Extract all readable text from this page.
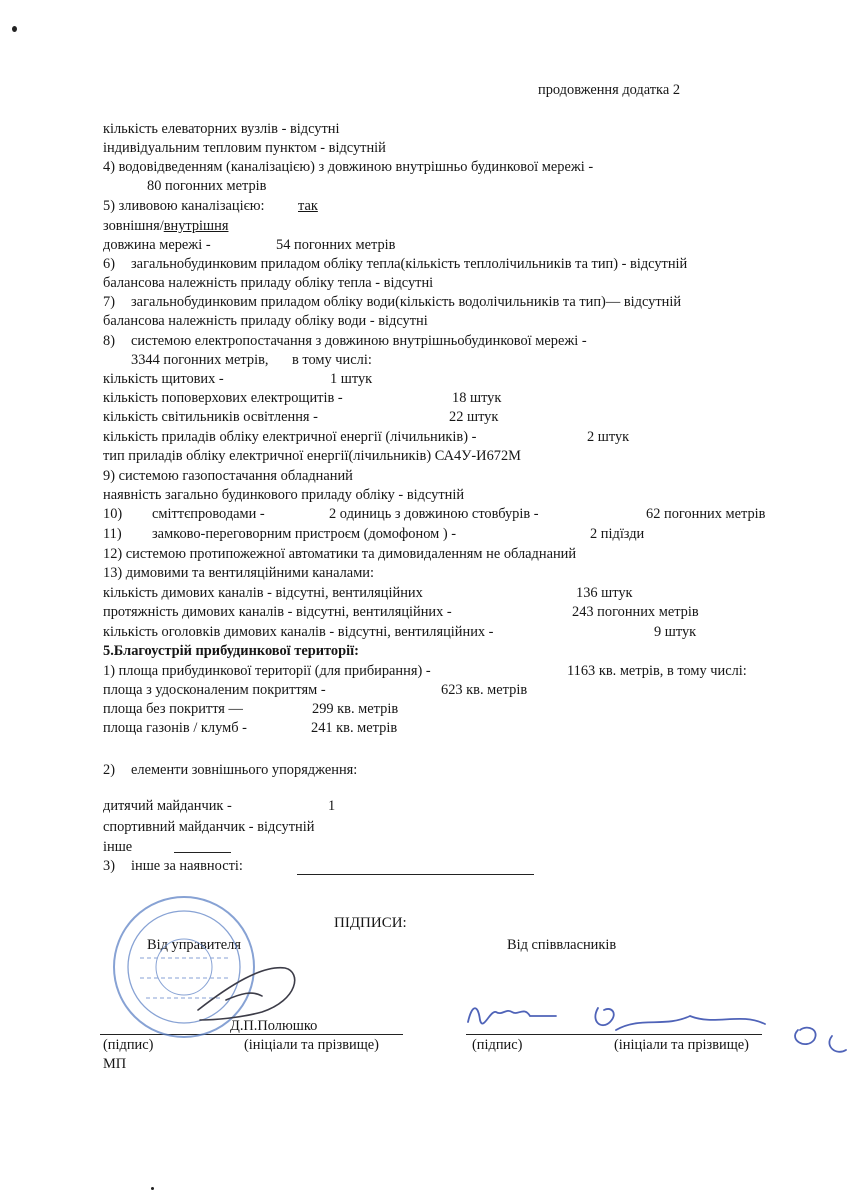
продовження додатка 2
кількість елеваторних вузлів - відсутні
індивідуальним тепловим пунктом - відсутній
4) водовідведенням (каналізацією) з довжиною внутрішньо будинкової мережі -
80 погонних метрів
5) зливовою каналізацією: так
зовнішня/внутрішня
довжина мережі -	54 погонних метрів
6) загальнобудинковим приладом обліку тепла(кількість теплолічильників та тип) - відсутній
балансова належність приладу обліку тепла - відсутні
7) загальнобудинковим приладом обліку води(кількість водолічильників та тип)— відсутній
балансова належність приладу обліку води - відсутні
8) системою електропостачання з довжиною внутрішньобудинкової мережі -
3344 погонних метрів, в тому числі:
кількість щитових -	1 штук
кількість поповерхових електрощитів -	18 штук
кількість світильників освітлення -	22 штук
кількість приладів обліку електричної енергії (лічильників) -	2 штук
тип приладів обліку електричної енергії(лічильників) СА4У-И672М
9) системою газопостачання обладнаний
наявність загально будинкового приладу обліку - відсутній
10) сміттєпроводами -	2 одиниць з довжиною стовбурів -	62 погонних метрів
11) замково-переговорним пристроєм (домофоном ) -	2 підїзди
12) системою протипожежної автоматики та димовидаленням не обладнаний
13) димовими та вентиляційними каналами:
кількість димових каналів - відсутні, вентиляційних	136 штук
протяжність димових каналів - відсутні, вентиляційних -	243 погонних метрів
кількість оголовків димових каналів - відсутні, вентиляційних -	9 штук
5.Благоустрій прибудинкової території:
1) площа прибудинкової території (для прибирання) -	1163 кв. метрів, в тому числі:
площа з удосконаленим покриттям -	623 кв. метрів
площа без покриття —	299 кв. метрів
площа газонів / клумб -	241 кв. метрів
2) елементи зовнішнього упорядження:
дитячий майданчик -	1
спортивний майданчик - відсутній
інше
3) інше за наявності:
ПІДПИСИ:
Від управителя	Від співвласників
Д.П.Полюшко
(підпис)	(ініціали та прізвище)	(підпис)	(ініціали та прізвище)
МП
